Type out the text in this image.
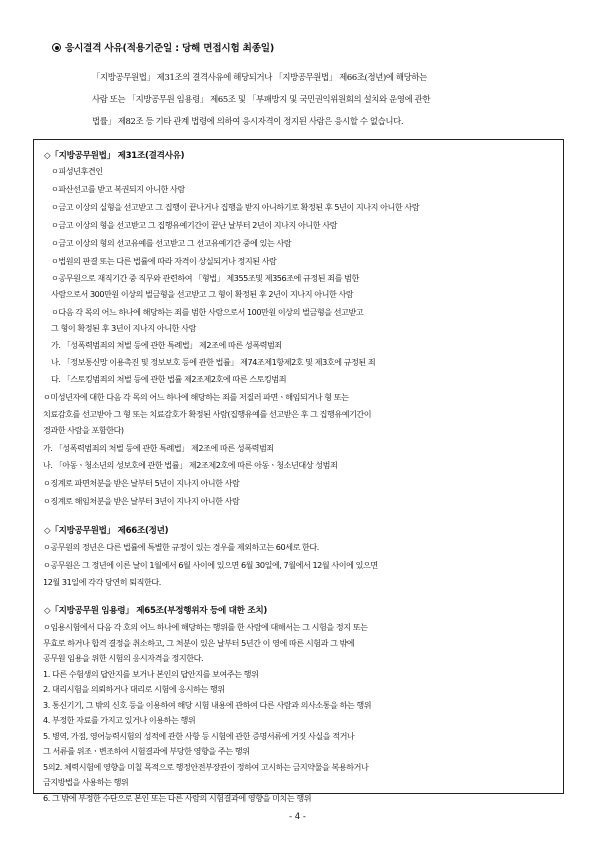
응시결격 사유(적용기준일 : 당해 면접시험 최종일)

「지방공무원법」 제31조의 결격사유에 해당되거나 「지방공무원법」 제66조(정년)에 해당하는

사람 또는 「지방공무원 임용령」 제65조 및 「부패방지 및 국민권익위원회의 설치와 운영에 관한

법률」 제82조 등 기타 관계 법령에 의하여 응시자격이 정지된 사람은 응시할 수 없습니다.

◇「지방공무원법」 제31조(결격사유)
ㅇ피성년후견인
ㅇ파산선고를 받고 복권되지 아니한 사람
ㅇ금고 이상의 실형을 선고받고 그 집행이 끝나거나 집행을 받지 아니하기로 확정된 후 5년이 지나지 아니한 사람
ㅇ금고 이상의 형을 선고받고 그 집행유예기간이 끝난 날부터 2년이 지나지 아니한 사람
ㅇ금고 이상의 형의 선고유예를 선고받고 그 선고유예기간 중에 있는 사람
ㅇ법원의 판결 또는 다른 법률에 따라 자격이 상실되거나 정지된 사람
ㅇ공무원으로 재직기간 중 직무와 관련하여 「형법」 제355조및 제356조에 규정된 죄를 범한
사람으로서 300만원 이상의 벌금형을 선고받고 그 형이 확정된 후 2년이 지나지 아니한 사람
ㅇ다음 각 목의 어느 하나에 해당하는 죄를 범한 사람으로서 100만원 이상의 벌금형을 선고받고
그 형이 확정된 후 3년이 지나지 아니한 사람
가. 「성폭력범죄의 처벌 등에 관한 특례법」 제2조에 따른 성폭력범죄
나. 「정보통신망 이용촉진 및 정보보호 등에 관한 법률」 제74조제1항제2호 및 제3호에 규정된 죄
다. 「스토킹범죄의 처벌 등에 관한 법률 제2조제2호에 따른 스토킹범죄
ㅇ미성년자에 대한 다음 각 목의 어느 하나에 해당하는 죄를 저질러 파면ㆍ해임되거나 형 또는
치료감호를 선고받아 그 형 또는 치료감호가 확정된 사람(집행유예를 선고받은 후 그 집행유예기간이
경과한 사람을 포함한다)
가. 「성폭력범죄의 처벌 등에 관한 특례법」 제2조에 따른 성폭력범죄
나. 「아동ㆍ청소년의 성보호에 관한 법률」 제2조제2호에 따른 아동ㆍ청소년대상 성범죄
ㅇ징계로 파면처분을 받은 날부터 5년이 지나지 아니한 사람
ㅇ징계로 해임처분을 받은 날부터 3년이 지나지 아니한 사람
◇「지방공무원법」 제66조(정년)
ㅇ공무원의 정년은 다른 법률에 특별한 규정이 있는 경우를 제외하고는 60세로 한다.
ㅇ공무원은 그 정년에 이른 날이 1월에서 6월 사이에 있으면 6월 30일에, 7월에서 12월 사이에 있으면
12월 31일에 각각 당연히 퇴직한다.
◇「지방공무원 임용령」 제65조(부정행위자 등에 대한 조치)
ㅇ임용시험에서 다음 각 호의 어느 하나에 해당하는 행위를 한 사람에 대해서는 그 시험을 정지 또는
무효로 하거나 합격 결정을 취소하고, 그 처분이 있은 날부터 5년간 이 영에 따른 시험과 그 밖에
공무원 임용을 위한 시험의 응시자격을 정지한다.
1. 다른 수험생의 답안지를 보거나 본인의 답안지를 보여주는 행위
2. 대리시험을 의뢰하거나 대리로 시험에 응시하는 행위
3. 통신기기, 그 밖의 신호 등을 이용하여 해당 시험 내용에 관하여 다른 사람과 의사소통을 하는 행위
4. 부정한 자료를 가지고 있거나 이용하는 행위
5. 병역, 가점, 영어능력시험의 성적에 관한 사항 등 시험에 관한 증명서류에 거짓 사실을 적거나
그 서류를 위조ㆍ변조하여 시험결과에 부당한 영향을 주는 행위
5의2. 체력시험에 영향을 미칠 목적으로 행정안전부장관이 정하여 고시하는 금지약물을 복용하거나
금지방법을 사용하는 행위
6. 그 밖에 부정한 수단으로 본인 또는 다른 사람의 시험결과에 영향을 미치는 행위
- 4 -
